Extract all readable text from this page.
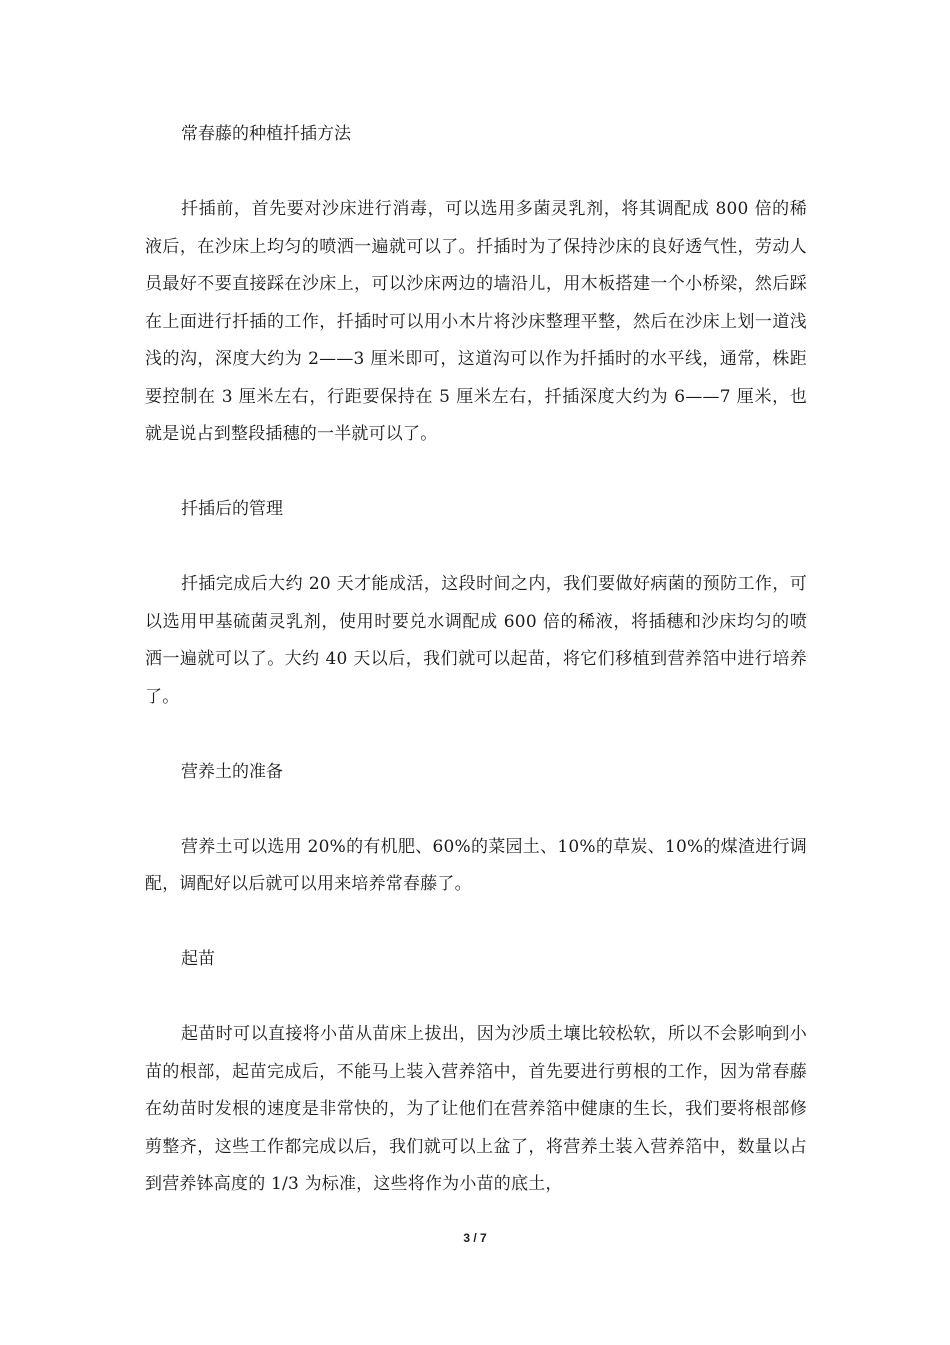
常春藤的种植扦插方法

扦插前，首先要对沙床进行消毒，可以选用多菌灵乳剂，将其调配成 800 倍的稀液后，在沙床上均匀的喷洒一遍就可以了。扦插时为了保持沙床的良好透气性，劳动人员最好不要直接踩在沙床上，可以沙床两边的墙沿儿，用木板搭建一个小桥梁，然后踩在上面进行扦插的工作，扦插时可以用小木片将沙床整理平整，然后在沙床上划一道浅浅的沟，深度大约为 2——3 厘米即可，这道沟可以作为扦插时的水平线，通常，株距要控制在 3 厘米左右，行距要保持在 5 厘米左右，扦插深度大约为 6——7 厘米，也就是说占到整段插穗的一半就可以了。

扦插后的管理

扦插完成后大约 20 天才能成活，这段时间之内，我们要做好病菌的预防工作，可以选用甲基硫菌灵乳剂，使用时要兑水调配成 600 倍的稀液，将插穗和沙床均匀的喷洒一遍就可以了。大约 40 天以后，我们就可以起苗，将它们移植到营养箔中进行培养了。

营养土的准备

营养土可以选用 20%的有机肥、60%的菜园土、10%的草炭、10%的煤渣进行调配，调配好以后就可以用来培养常春藤了。

起苗

起苗时可以直接将小苗从苗床上拔出，因为沙质土壤比较松软，所以不会影响到小苗的根部，起苗完成后，不能马上装入营养箔中，首先要进行剪根的工作，因为常春藤在幼苗时发根的速度是非常快的，为了让他们在营养箔中健康的生长，我们要将根部修剪整齐，这些工作都完成以后，我们就可以上盆了，将营养土装入营养箔中，数量以占到营养钵高度的 1/3 为标准，这些将作为小苗的底土，

3 / 7
